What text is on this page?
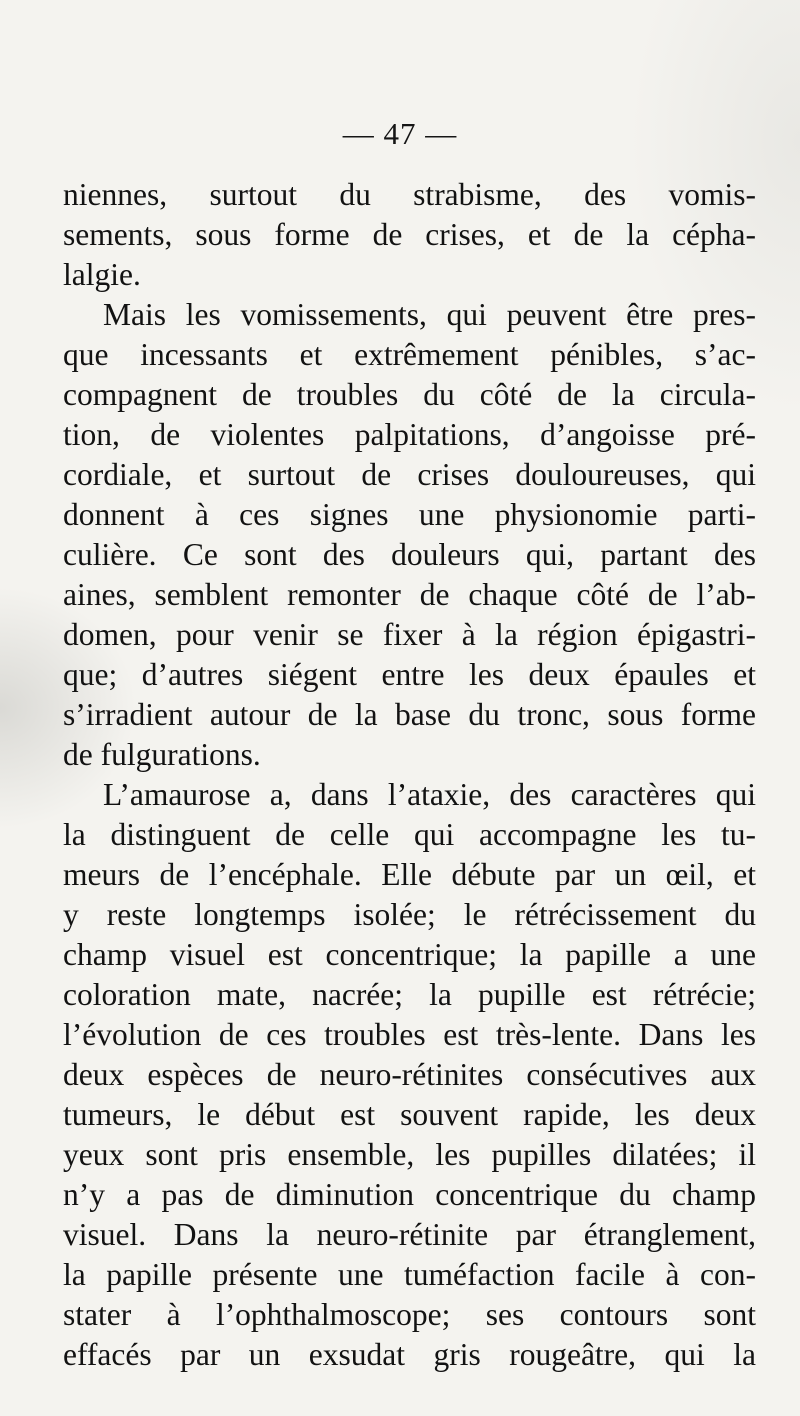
— 47 —
niennes, surtout du strabisme, des vomis-
sements, sous forme de crises, et de la cépha-
lalgie.
Mais les vomissements, qui peuvent être pres-
que incessants et extrêmement pénibles, s’ac-
compagnent de troubles du côté de la circula-
tion, de violentes palpitations, d’angoisse pré-
cordiale, et surtout de crises douloureuses, qui
donnent à ces signes une physionomie parti-
culière. Ce sont des douleurs qui, partant des
aines, semblent remonter de chaque côté de l’ab-
domen, pour venir se fixer à la région épigastri-
que; d’autres siégent entre les deux épaules et
s’irradient autour de la base du tronc, sous forme
de fulgurations.
L’amaurose a, dans l’ataxie, des caractères qui
la distinguent de celle qui accompagne les tu-
meurs de l’encéphale. Elle débute par un œil, et
y reste longtemps isolée; le rétrécissement du
champ visuel est concentrique; la papille a une
coloration mate, nacrée; la pupille est rétrécie;
l’évolution de ces troubles est très-lente. Dans les
deux espèces de neuro-rétinites consécutives aux
tumeurs, le début est souvent rapide, les deux
yeux sont pris ensemble, les pupilles dilatées; il
n’y a pas de diminution concentrique du champ
visuel. Dans la neuro-rétinite par étranglement,
la papille présente une tuméfaction facile à con-
stater à l’ophthalmoscope; ses contours sont
effacés par un exsudat gris rougeâtre, qui la
